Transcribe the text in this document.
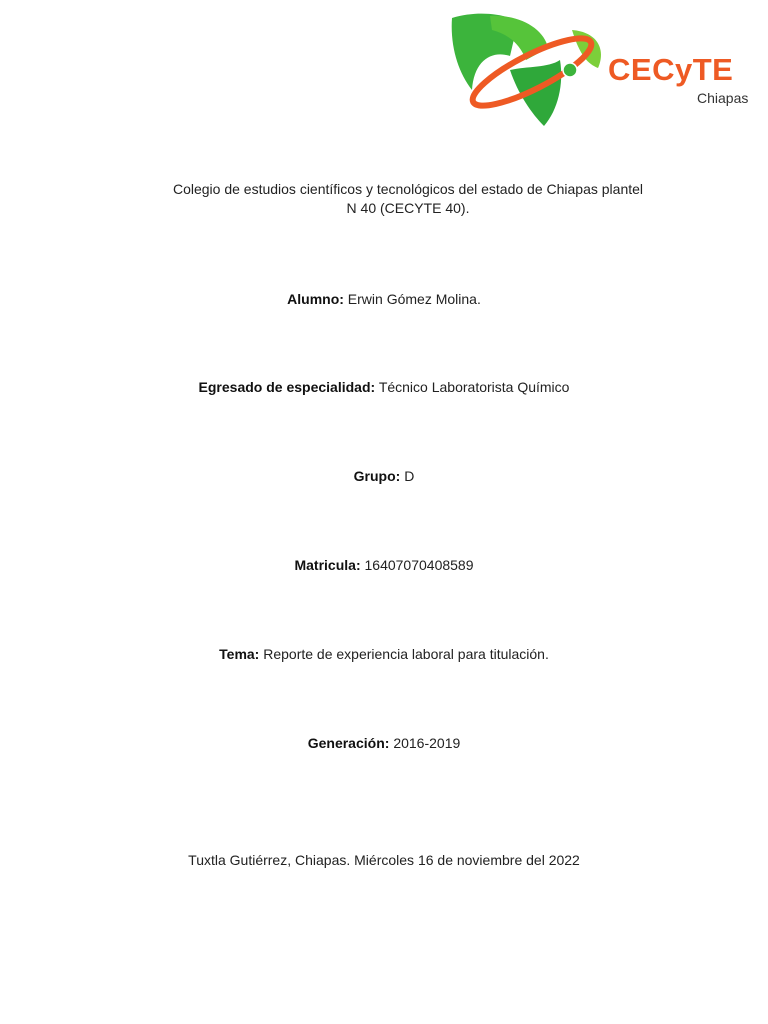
CECyTE
Chiapas
Colegio de estudios científicos y tecnológicos del estado de Chiapas plantel
N 40 (CECYTE 40).
Alumno: Erwin Gómez Molina.
Egresado de especialidad: Técnico Laboratorista Químico
Grupo: D
Matricula: 16407070408589
Tema: Reporte de experiencia laboral para titulación.
Generación: 2016-2019
Tuxtla Gutiérrez, Chiapas. Miércoles 16 de noviembre del 2022
